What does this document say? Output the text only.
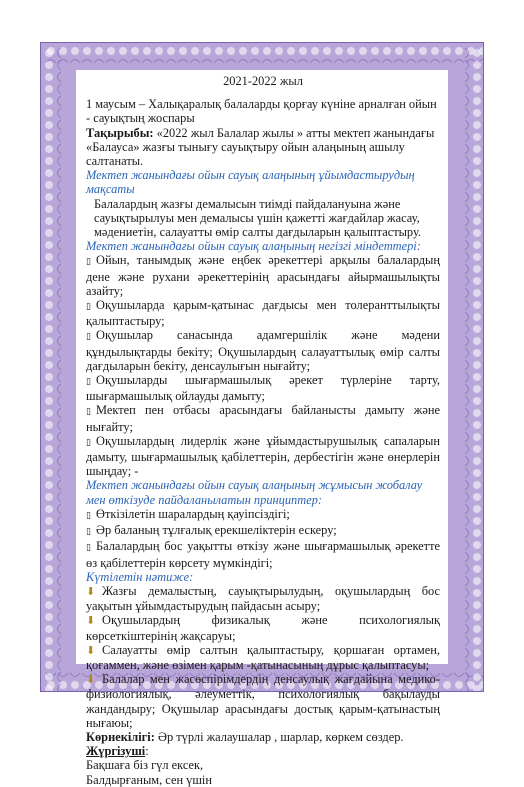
2021-2022 жыл

1 маусым – Халықаралық балаларды қорғау күніне арналған ойын - сауықтың жоспары

Тақырыбы: «2022 жыл Балалар жылы » атты мектеп жанындағы «Балауса» жазғы тынығу сауықтыру ойын алаңының ашылу салтанаты.

Мектеп жанындағы ойын сауық алаңының ұйымдастырудың мақсаты

Балалардың жазғы демалысын тиімді пайдалануына және сауықтырылуы мен демалысы үшін қажетті жағдайлар жасау, мәдениетін, салауатты өмір салты дағдыларын қалыптастыру.

Мектеп жанындағы ойын сауық алаңының негізгі міндеттері:

▯ Ойын, танымдық және еңбек әрекеттері арқылы балалардың дене және рухани әрекеттерінің арасындағы айырмашылықты азайту;

▯ Оқушыларда қарым-қатынас дағдысы мен толеранттылықты қалыптастыру;

▯ Оқушылар санасында адамгершілік және мәдени құндылықтарды бекіту; Оқушылардың салауаттылық өмір салты дағдыларын бекіту, денсаулығын нығайту;

▯ Оқушыларды шығармашылық әрекет түрлеріне тарту, шығармашылық ойлауды дамыту;

▯ Мектеп пен отбасы арасындағы байланысты дамыту және нығайту;

▯ Оқушылардың лидерлік және ұйымдастырушылық сапаларын дамыту, шығармашылық қабілеттерін, дербестігін және өнерлерін шыңдау; -

Мектеп жанындағы ойын сауық алаңының жұмысын жобалау мен өткізуде пайдаланылатын принциптер:

▯ Өткізілетін шаралардың қауіпсіздігі;

▯ Әр баланың тұлғалық ерекшеліктерін ескеру;

▯ Балалардың бос уақытты өткізу және шығармашылық әрекетте өз қабілеттерін көрсету мүмкіндігі;

Күтілетін нәтиже:

⬇ Жазғы демалыстың, сауықтырылудың, оқушылардың бос уақытын ұйымдастырудың пайдасын асыру;

⬇ Оқушылардың физикалық және психологиялық көрсеткіштерінің жақсаруы;

⬇ Салауатты өмір салтын қалыптастыру, қоршаған ортамен, қоғаммен, және өзімен қарым -қатынасының дұрыс қалыптасуы;

⬇ Балалар мен жасөспірімдердің денсаулық жағдайына медико-физиологиялық, әлеуметтік, психологиялық бақылауды жандандыру; Оқушылар арасындағы достық қарым-қатынастың нығаюы;

Көрнекілігі: Әр түрлі жалаушалар , шарлар, көркем сөздер.

Жүргізуші:

Бақшаға біз гүл ексек,

Балдырғаным, сен үшін
